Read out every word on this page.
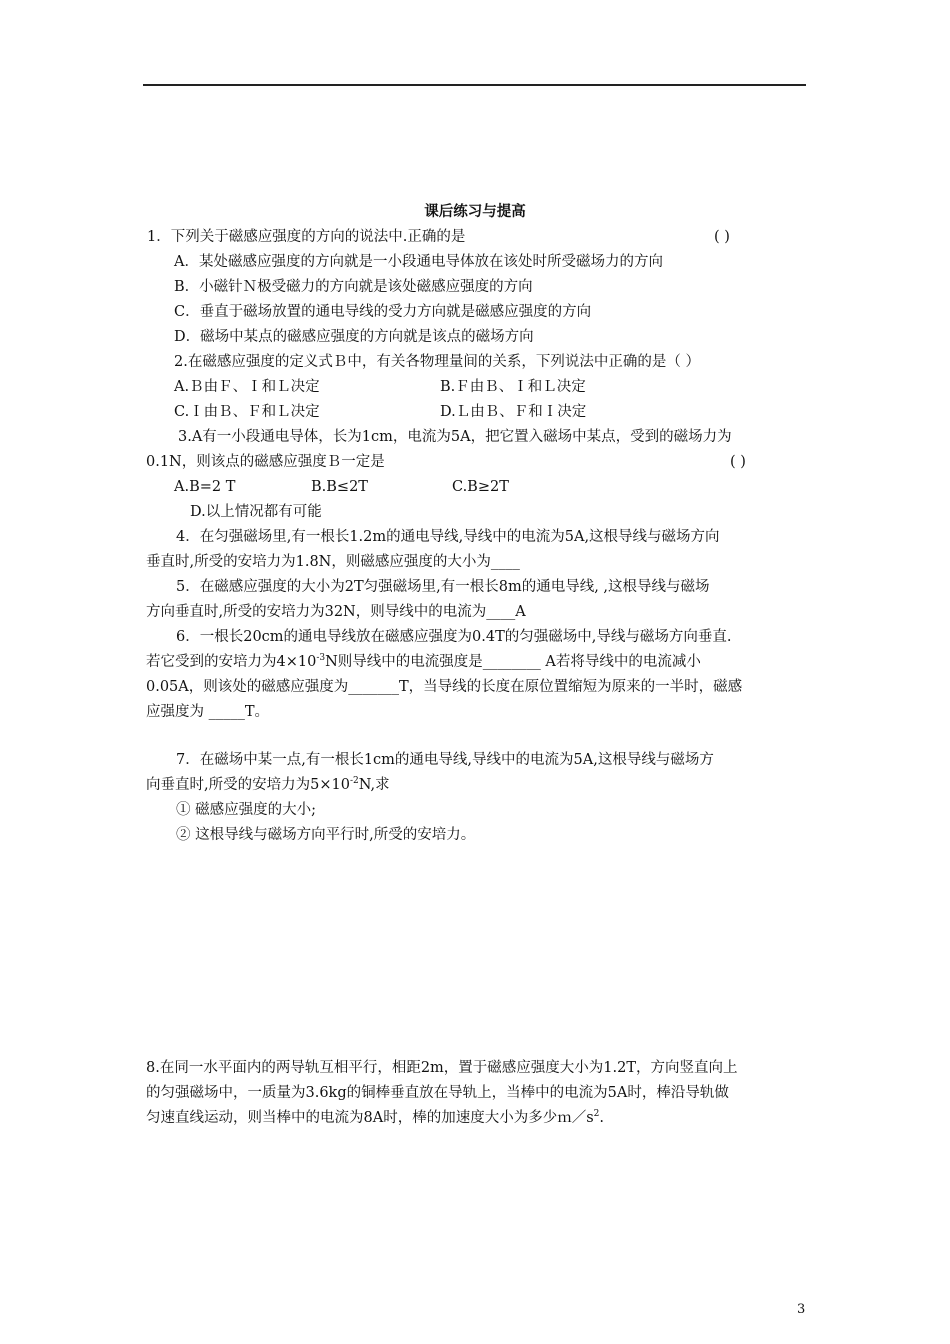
课后练习与提高
1．下列关于磁感应强度的方向的说法中.正确的是	( )
A．某处磁感应强度的方向就是一小段通电导体放在该处时所受磁场力的方向
B．小磁针Ｎ极受磁力的方向就是该处磁感应强度的方向
C．垂直于磁场放置的通电导线的受力方向就是磁感应强度的方向
D．磁场中某点的磁感应强度的方向就是该点的磁场方向
2.在磁感应强度的定义式Ｂ中，有关各物理量间的关系，下列说法中正确的是（ ）
A.Ｂ由Ｆ、Ｉ和Ｌ决定	B.Ｆ由Ｂ、Ｉ和Ｌ决定
C.Ｉ由Ｂ、Ｆ和Ｌ决定	D.Ｌ由Ｂ、Ｆ和Ｉ决定
3.A有一小段通电导体，长为1cm，电流为5A，把它置入磁场中某点，受到的磁场力为
0.1N，则该点的磁感应强度Ｂ一定是	( )
A.B=2 T	B.B≤2T	C.B≥2T
D.以上情况都有可能
4．在匀强磁场里,有一根长1.2m的通电导线,导线中的电流为5A,这根导线与磁场方向
垂直时,所受的安培力为1.8N，则磁感应强度的大小为____
5．在磁感应强度的大小为2T匀强磁场里,有一根长8m的通电导线, ,这根导线与磁场
方向垂直时,所受的安培力为32N，则导线中的电流为____A
6．一根长20cm的通电导线放在磁感应强度为0.4T的匀强磁场中,导线与磁场方向垂直.
若它受到的安培力为$4\times 10^{-3}N$则导线中的电流强度是________ A若将导线中的电流减小
0.05A，则该处的磁感应强度为_______T，当导线的长度在原位置缩短为原来的一半时，磁感
应强度为 _____T。
7．在磁场中某一点,有一根长1cm的通电导线,导线中的电流为5A,这根导线与磁场方
向垂直时,所受的安培力为$5\times 10^{-2}N$,求
① 磁感应强度的大小;
② 这根导线与磁场方向平行时,所受的安培力。
8.在同一水平面内的两导轨互相平行，相距2m，置于磁感应强度大小为1.2T，方向竖直向上
的匀强磁场中，一质量为3.6kg的铜棒垂直放在导轨上，当棒中的电流为5A时，棒沿导轨做
匀速直线运动，则当棒中的电流为8A时，棒的加速度大小为多少$m/s^2$.
3
